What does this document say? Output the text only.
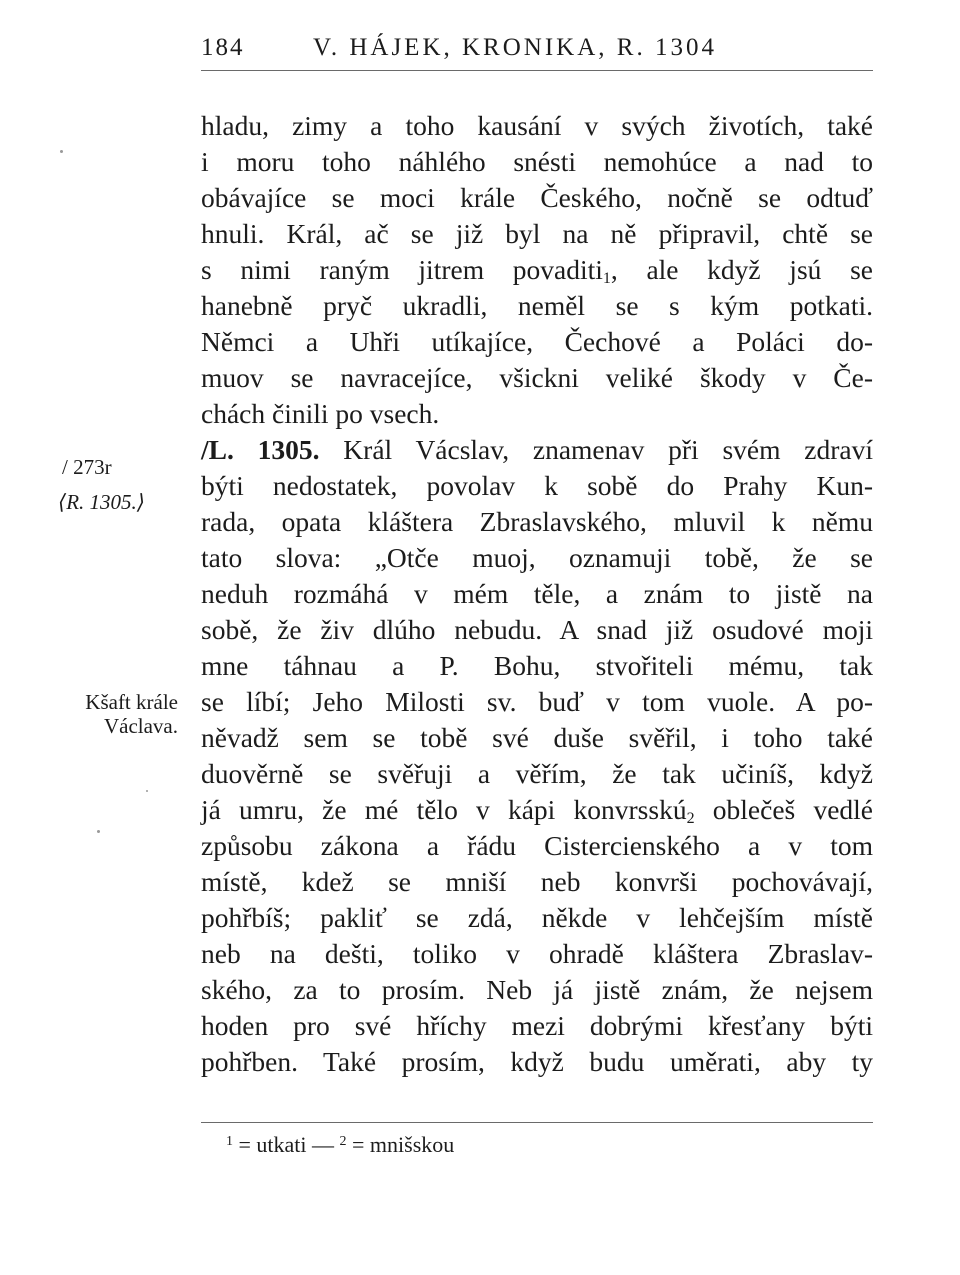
184	V. HÁJEK, KRONIKA, R. 1304
/ 273r
⟨R. 1305.⟩
Kšaft krále
Václava.
hladu, zimy a toho kausání v svých životích, také
i moru toho náhlého snésti nemohúce a nad to
obávajíce se moci krále Českého, nočně se odtuď
hnuli. Král, ač se již byl na ně připravil, chtě se
s nimi raným jitrem povaditi$_1$, ale když jsú se
hanebně pryč ukradli, neměl se s kým potkati.
Němci a Uhři utíkajíce, Čechové a Poláci do-
muov se navracejíce, všickni veliké škody v Če-
chách činili po vsech.
/L. 1305. Král Vácslav, znamenav při svém zdraví
býti nedostatek, povolav k sobě do Prahy Kun-
rada, opata kláštera Zbraslavského, mluvil k němu
tato slova: „Otče muoj, oznamuji tobě, že se
neduh rozmáhá v mém těle, a znám to jistě na
sobě, že živ dlúho nebudu. A snad již osudové moji
mne táhnau a P. Bohu, stvořiteli mému, tak
se líbí; Jeho Milosti sv. buď v tom vuole. A po-
něvadž sem se tobě své duše svěřil, i toho také
duověrně se svěřuji a věřím, že tak učiníš, když
já umru, že mé tělo v kápi konvrsskú$_2$ oblečeš vedlé
způsobu zákona a řádu Cistercienského a v tom
místě, kdež se mniší neb konvrši pochovávají,
pohřbíš; pakliť se zdá, někde v lehčejším místě
neb na dešti, toliko v ohradě kláštera Zbraslav-
ského, za to prosím. Neb já jistě znám, že nejsem
hoden pro své hříchy mezi dobrými křesťany býti
pohřben. Také prosím, když budu uměrati, aby ty
$^1$ = utkati — $^2$ = mnišskou
